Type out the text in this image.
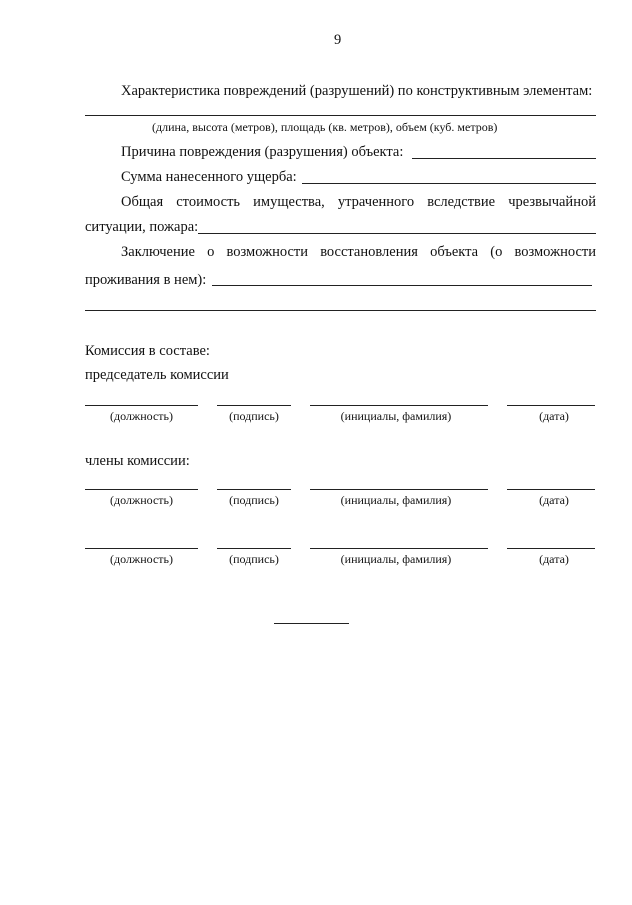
9
Характеристика повреждений (разрушений) по конструктивным элементам:
(длина, высота (метров), площадь (кв. метров), объем (куб. метров)
Причина повреждения (разрушения) объекта:
Сумма нанесенного ущерба:
Общая стоимость имущества, утраченного вследствие чрезвычайной
ситуации, пожара:
Заключение о возможности восстановления объекта (о возможности
проживания в нем):
Комиссия в составе:
председатель комиссии
(должность)	(подпись)	(инициалы, фамилия)	(дата)
члены комиссии:
(должность)	(подпись)	(инициалы, фамилия)	(дата)
(должность)	(подпись)	(инициалы, фамилия)	(дата)
